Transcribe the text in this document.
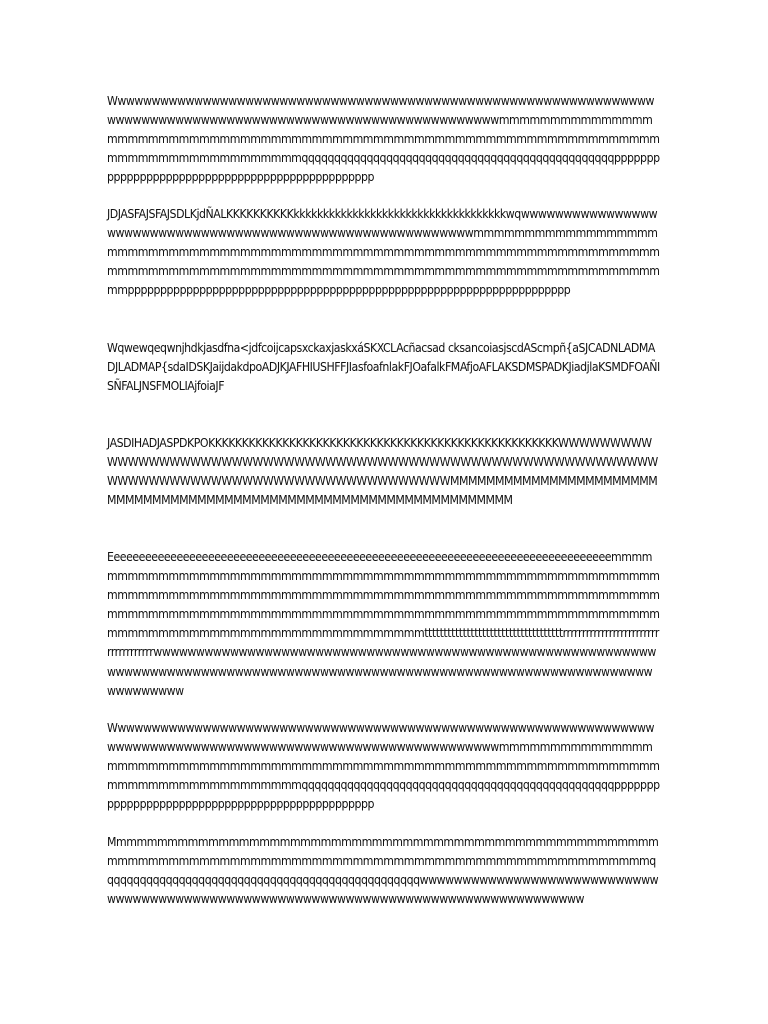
Wwwwwwwwwwwwwwwwwwwwwwwwwwwwwwwwwwwwwwwwwwwwwwwwwwwwwwwwwwwwwwwwwwwwwwwwwwwwwwwwwwwwwwwwwwwwwwwwwwwwwwwwwwwwwwmmmmmmmmmmmmmmmmmmmmmmmmmmmmmmmmmmmmmmmmmmmmmmmmmmmmmmmmmmmmmmmmmmmmmmmmmmmmmmmmmmmmmmmmqqqqqqqqqqqqqqqqqqqqqqqqqqqqqqqqqqqqqqqqqqqqqqqqpppppppppppppppppppppppppppppppppppppppppppppppp

JDJASFAJSFAJSDLKjdÑALKKKKKKKKKKkkkkkkkkkkkkkkkkkkkkkkkkkkkkkkkkkkkkwqwwwwwwwwwwwwwwwwwwwwwwwwwwwwwwwwwwwwwwwwwwwwwwwwwwwwwwwwwwwmmmmmmmmmmmmmmmmmmmmmmmmmmmmmmmmmmmmmmmmmmmmmmmmmmmmmmmmmmmmmmmmmmmmmmmmmmmmmmmmmmmmmmmmmmmmmmmmmmmmmmmmmmmmmmmmmmmmmmmmmmmmmmmmpppppppppppppppppppppppppppppppppppppppppppppppppppppppppppppppppppp

Wqwewqeqwnjhdkjasdfna<jdfcoijcapsxckaxjaskxáSKXCLAcñacsad cksancoiasjscdAScmpñ{aSJCADNLADMADJLADMAP{sdaIDSKJaijdakdpoADJKJAFHIUSHFFJIasfoafnlakFJOafalkFMAfjoAFLAKSDMSPADKJiadjlaKSMDFOAÑISÑFALJNSFMOLIAjfoiaJF

JASDIHADJASPDKPOKKKKKKKKKKKKKKKKKKKKKKKKKKKKKKKKKKKKKKKKKKKKKKKKKKKKWWWWWWWWWWWWWWWWWWWWWWWWWWWWWWWWWWWWWWWWWWWWWWWWWWWWWWWWWWWWWWWWWWWWWWWWWWWWWWWWWWWWWWWWWWWWWWWMMMMMMMMMMMMMMMMMMMMMMMMMMMMMMMMMMMMMMMMMMMMMMMMMMMMMMMMMMMMMMMMMMMM

Eeeeeeeeeeeeeeeeeeeeeeeeeeeeeeeeeeeeeeeeeeeeeeeeeeeeeeeeeeeeeeeeeeeeeeeeeeeeeeeemmmmmmmmmmmmmmmmmmmmmmmmmmmmmmmmmmmmmmmmmmmmmmmmmmmmmmmmmmmmmmmmmmmmmmmmmmmmmmmmmmmmmmmmmmmmmmmmmmmmmmmmmmmmmmmmmmmmmmmmmmmmmmmmmmmmmmmmmmmmmmmmmmmmmmmmmmmmmmmmmmmmmmmmmmmmmmmmmmmmmmmmmmmmmmmmmmmmmttttttttttttttttttttttttttttttttttttrrrrrrrrrrrrrrrrrrrrrrrrrrrrrrrrrrrrrwwwwwwwwwwwwwwwwwwwwwwwwwwwwwwwwwwwwwwwwwwwwwwwwwwwwwwwwwwwwwwwwwwwwwwwwwwwwwwwwwwwwwwwwwwwwwwwwwwwwwwwwwwwwwwwwwwwwwwwwwwwwwwwwwwww

Wwwwwwwwwwwwwwwwwwwwwwwwwwwwwwwwwwwwwwwwwwwwwwwwwwwwwwwwwwwwwwwwwwwwwwwwwwwwwwwwwwwwwwwwwwwwwwwwwwwwwwwwwwwwwwmmmmmmmmmmmmmmmmmmmmmmmmmmmmmmmmmmmmmmmmmmmmmmmmmmmmmmmmmmmmmmmmmmmmmmmmmmmmmmmmmmmmmmmmqqqqqqqqqqqqqqqqqqqqqqqqqqqqqqqqqqqqqqqqqqqqqqqqpppppppppppppppppppppppppppppppppppppppppppppppp

Mmmmmmmmmmmmmmmmmmmmmmmmmmmmmmmmmmmmmmmmmmmmmmmmmmmmmmmmmmmmmmmmmmmmmmmmmmmmmmmmmmmmmmmmmmmmmmmmmmmmmmmmmmmqqqqqqqqqqqqqqqqqqqqqqqqqqqqqqqqqqqqqqqqqqqqqqqqqwwwwwwwwwwwwwwwwwwwwwwwwwwwwwwwwwwwwwwwwwwwwwwwwwwwwwwwwwwwwwwwwwwwwwwwwwwwwwwwwwwww
